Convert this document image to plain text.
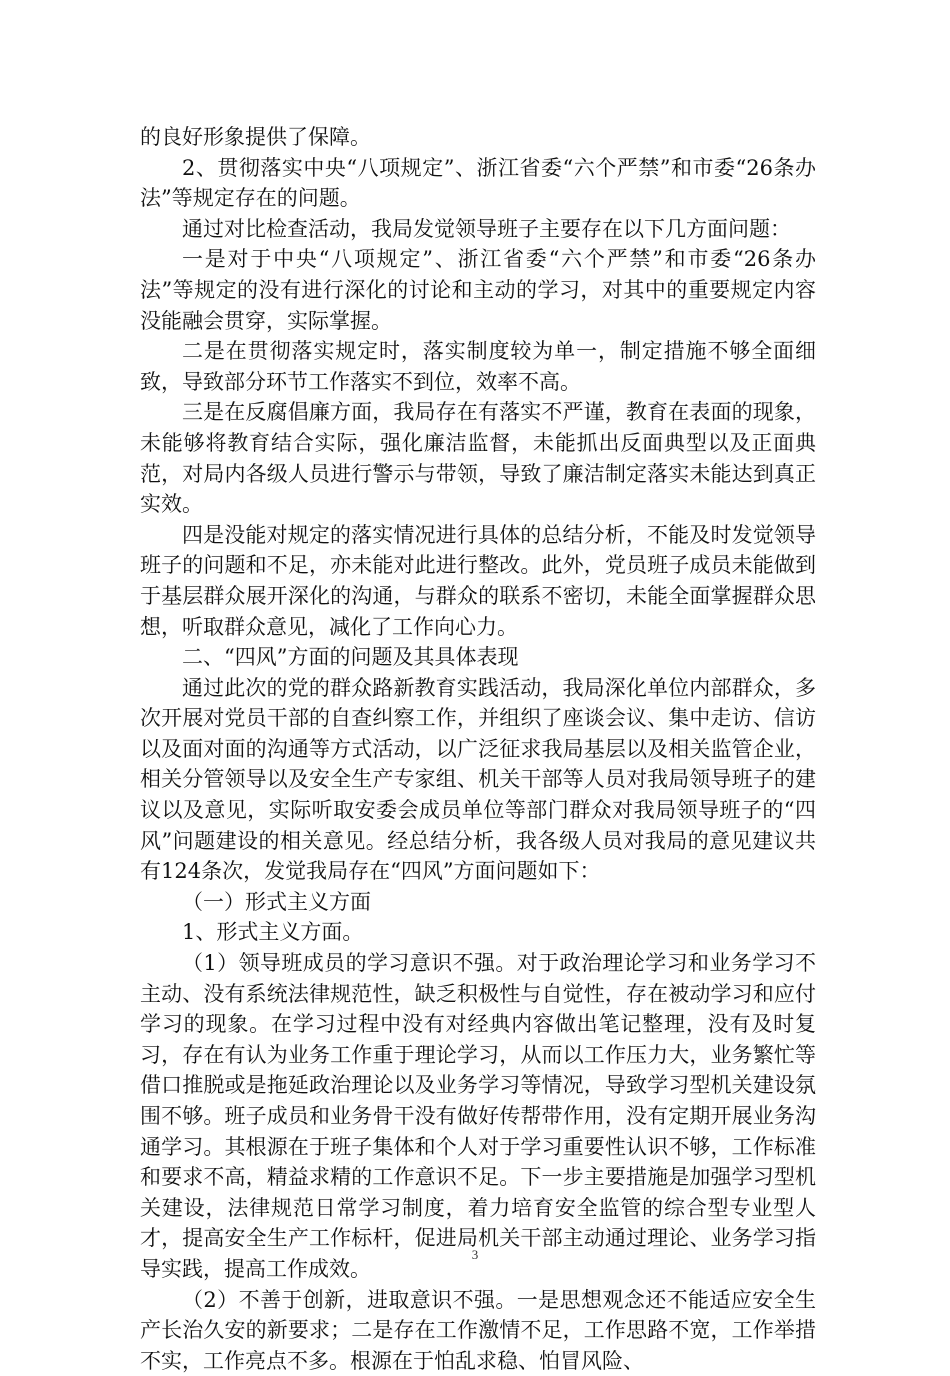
的良好形象提供了保障。

2、贯彻落实中央“八项规定”、浙江省委“六个严禁”和市委“26条办法”等规定存在的问题。

通过对比检查活动，我局发觉领导班子主要存在以下几方面问题：

一是对于中央“八项规定”、浙江省委“六个严禁”和市委“26条办法”等规定的没有进行深化的讨论和主动的学习，对其中的重要规定内容没能融会贯穿，实际掌握。

二是在贯彻落实规定时，落实制度较为单一，制定措施不够全面细致，导致部分环节工作落实不到位，效率不高。

三是在反腐倡廉方面，我局存在有落实不严谨，教育在表面的现象，未能够将教育结合实际，强化廉洁监督，未能抓出反面典型以及正面典范，对局内各级人员进行警示与带领，导致了廉洁制定落实未能达到真正实效。

四是没能对规定的落实情况进行具体的总结分析，不能及时发觉领导班子的问题和不足，亦未能对此进行整改。此外，党员班子成员未能做到于基层群众展开深化的沟通，与群众的联系不密切，未能全面掌握群众思想，听取群众意见，减化了工作向心力。

二、“四风”方面的问题及其具体表现

通过此次的党的群众路新教育实践活动，我局深化单位内部群众，多次开展对党员干部的自查纠察工作，并组织了座谈会议、集中走访、信访以及面对面的沟通等方式活动，以广泛征求我局基层以及相关监管企业，相关分管领导以及安全生产专家组、机关干部等人员对我局领导班子的建议以及意见，实际听取安委会成员单位等部门群众对我局领导班子的“四风”问题建设的相关意见。经总结分析，我各级人员对我局的意见建议共有124条次，发觉我局存在“四风”方面问题如下：

（一）形式主义方面

1、形式主义方面。

（1）领导班成员的学习意识不强。对于政治理论学习和业务学习不主动、没有系统法律规范性，缺乏积极性与自觉性，存在被动学习和应付学习的现象。在学习过程中没有对经典内容做出笔记整理，没有及时复习，存在有认为业务工作重于理论学习，从而以工作压力大，业务繁忙等借口推脱或是拖延政治理论以及业务学习等情况，导致学习型机关建设氛围不够。班子成员和业务骨干没有做好传帮带作用，没有定期开展业务沟通学习。其根源在于班子集体和个人对于学习重要性认识不够，工作标准和要求不高，精益求精的工作意识不足。下一步主要措施是加强学习型机关建设，法律规范日常学习制度，着力培育安全监管的综合型专业型人才，提高安全生产工作标杆，促进局机关干部主动通过理论、业务学习指导实践，提高工作成效。

（2）不善于创新，进取意识不强。一是思想观念还不能适应安全生产长治久安的新要求；二是存在工作激情不足，工作思路不宽，工作举措不实，工作亮点不多。根源在于怕乱求稳、怕冒风险、

3
